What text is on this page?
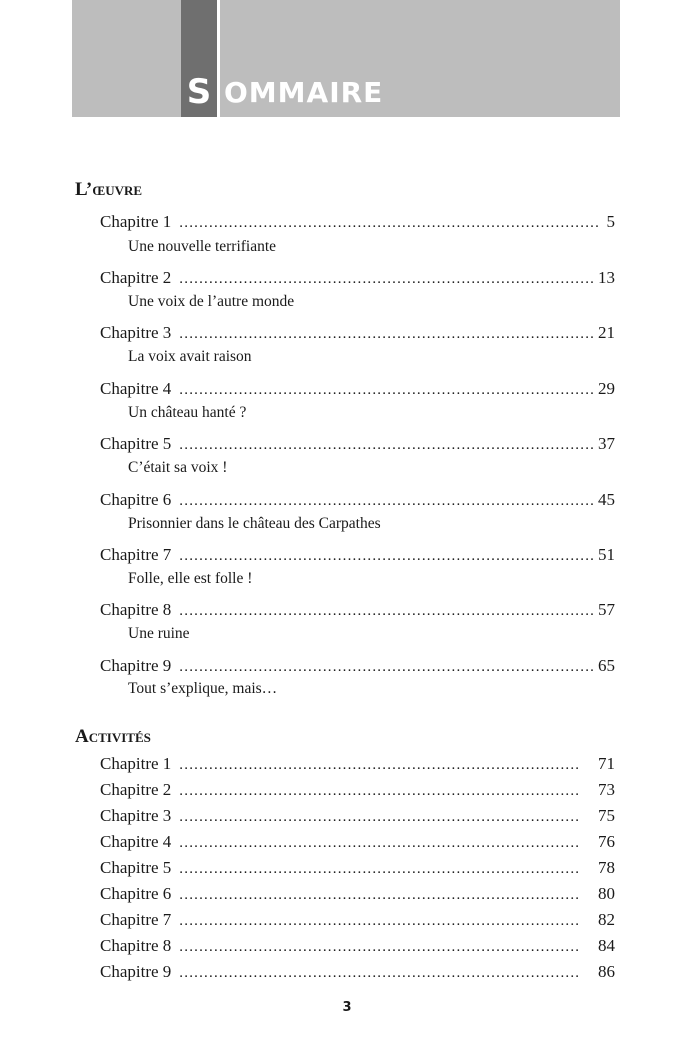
S OMMAIRE
L’œuvre
Chapitre 1 .....	5
Une nouvelle terrifiante
Chapitre 2 .....	13
Une voix de l’autre monde
Chapitre 3 .....	21
La voix avait raison
Chapitre 4 .....	29
Un château hanté ?
Chapitre 5 .....	37
C’était sa voix !
Chapitre 6 .....	45
Prisonnier dans le château des Carpathes
Chapitre 7 .....	51
Folle, elle est folle !
Chapitre 8 .....	57
Une ruine
Chapitre 9 .....	65
Tout s’explique, mais…
Activités
Chapitre 1 .....	71
Chapitre 2 .....	73
Chapitre 3 .....	75
Chapitre 4 .....	76
Chapitre 5 .....	78
Chapitre 6 .....	80
Chapitre 7 .....	82
Chapitre 8 .....	84
Chapitre 9 .....	86
3
